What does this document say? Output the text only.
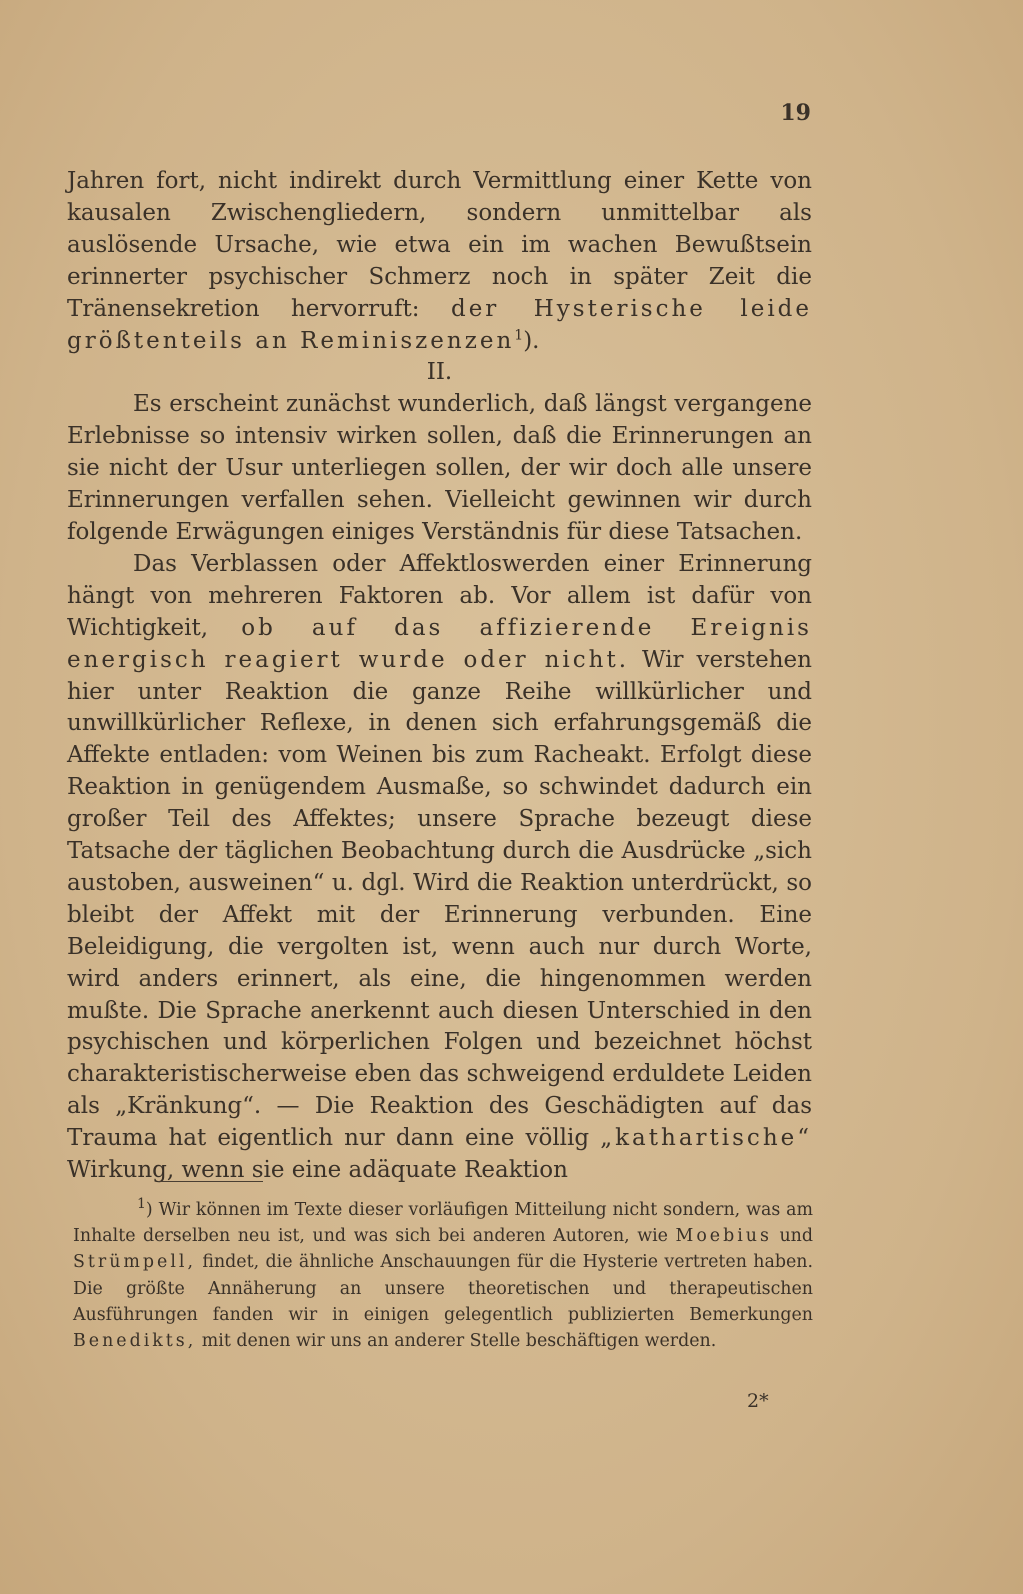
19

Jahren fort, nicht indirekt durch Vermittlung einer Kette von kausalen Zwischengliedern, sondern unmittelbar als auslösende Ursache, wie etwa ein im wachen Bewußtsein erinnerter psychischer Schmerz noch in später Zeit die Tränensekretion hervorruft: der Hysterische leide größtenteils an Reminiszenzen$^1$).

II.

Es erscheint zunächst wunderlich, daß längst vergangene Erlebnisse so intensiv wirken sollen, daß die Erinnerungen an sie nicht der Usur unterliegen sollen, der wir doch alle unsere Erinnerungen verfallen sehen. Vielleicht gewinnen wir durch folgende Erwägungen einiges Verständnis für diese Tatsachen.

Das Verblassen oder Affektloswerden einer Erinnerung hängt von mehreren Faktoren ab. Vor allem ist dafür von Wichtigkeit, ob auf das affizierende Ereignis energisch reagiert wurde oder nicht. Wir verstehen hier unter Reaktion die ganze Reihe willkürlicher und unwillkürlicher Reflexe, in denen sich erfahrungsgemäß die Affekte entladen: vom Weinen bis zum Racheakt. Erfolgt diese Reaktion in genügendem Ausmaße, so schwindet dadurch ein großer Teil des Affektes; unsere Sprache bezeugt diese Tatsache der täglichen Beobachtung durch die Ausdrücke „sich austoben, ausweinen“ u. dgl. Wird die Reaktion unterdrückt, so bleibt der Affekt mit der Erinnerung verbunden. Eine Beleidigung, die vergolten ist, wenn auch nur durch Worte, wird anders erinnert, als eine, die hingenommen werden mußte. Die Sprache anerkennt auch diesen Unterschied in den psychischen und körperlichen Folgen und bezeichnet höchst charakteristischerweise eben das schweigend erduldete Leiden als „Kränkung“. — Die Reaktion des Geschädigten auf das Trauma hat eigentlich nur dann eine völlig „kathartische“ Wirkung, wenn sie eine adäquate Reaktion

$^1$) Wir können im Texte dieser vorläufigen Mitteilung nicht sondern, was am Inhalte derselben neu ist, und was sich bei anderen Autoren, wie Moebius und Strümpell, findet, die ähnliche Anschauungen für die Hysterie vertreten haben. Die größte Annäherung an unsere theoretischen und therapeutischen Ausführungen fanden wir in einigen gelegentlich publizierten Bemerkungen Benedikts, mit denen wir uns an anderer Stelle beschäftigen werden.

2*
